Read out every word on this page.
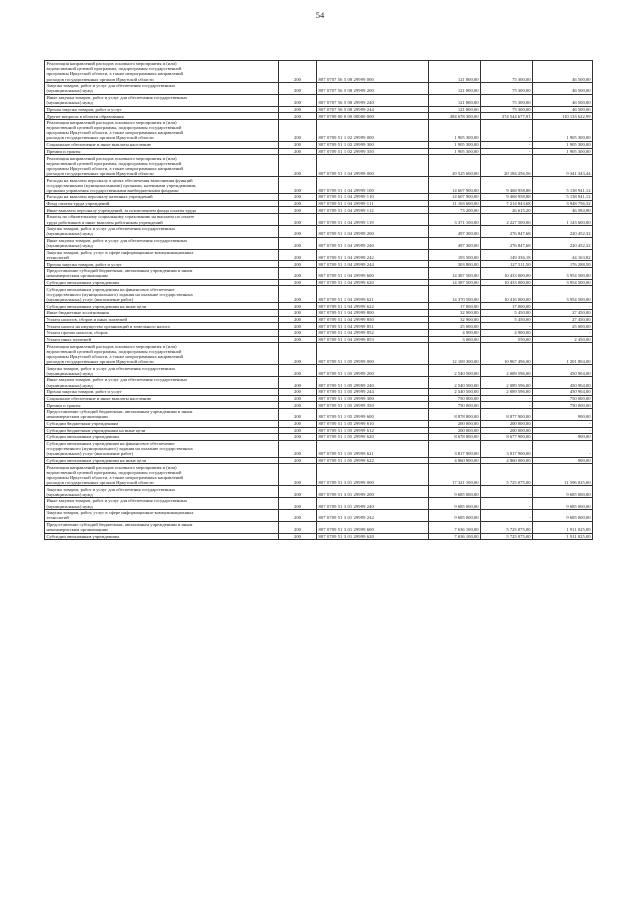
54
Реализация направлений расходов основного мероприятия и (или)
ведомственной целевой программы, подпрограммы государственной
программы Иркутской области, а также непрограммных направлений
расходов государственных органов Иркутской области	200	807 0707 56 5 08 29999 000	121 800,00	75 300,00	46 500,00
Закупка товаров, работ и услуг для обеспечения государственных
(муниципальных) нужд	200	807 0707 56 5 08 29999 200	121 800,00	75 300,00	46 500,00
Иные закупки товаров, работ и услуг для обеспечения государственных
(муниципальных) нужд	200	807 0707 56 5 08 29999 240	121 800,00	75 300,00	46 500,00
Прочая закупка товаров, работ и услуг	200	807 0707 56 5 08 29999 244	121 800,00	75 300,00	46 500,00
Другие вопросы в области образования	200	807 0709 00 0 00 00000 000	484 678 300,00	374 544 677,01	110 133 622,99
Реализация направлений расходов основного мероприятия и (или)
ведомственной целевой программы, подпрограммы государственной
программы Иркутской области, а также непрограммных направлений
расходов государственных органов Иркутской области	200	807 0709 51 1 02 29999 000	1 905 300,00	-	1 905 300,00
Социальное обеспечение и иные выплаты населению	200	807 0709 51 1 02 29999 300	1 905 300,00	-	1 905 300,00
Премии и гранты	200	807 0709 51 1 02 29999 350	1 905 300,00	-	1 905 300,00
Реализация направлений расходов основного мероприятия и (или)
ведомственной целевой программы, подпрограммы государственной
программы Иркутской области, а также непрограммных направлений
расходов государственных органов Иркутской области	200	807 0709 51 1 04 29999 000	29 525 600,00	20 184 256,56	9 341 343,44
Расходы на выплаты персоналу в целях обеспечения выполнения функций
государственными (муниципальными) органами, казенными учреждениями,
органами управления государственными внебюджетными фондами	200	807 0709 51 1 04 29999 100	14 607 900,00	9 468 958,88	5 138 941,12
Расходы на выплаты персоналу казенных учреждений	200	807 0709 51 1 04 29999 110	14 607 900,00	9 468 958,88	5 138 941,12
Фонд оплаты труда учреждений	200	807 0709 51 1 04 29999 111	11 163 600,00	7 214 843,68	3 948 756,32
Иные выплаты персоналу учреждений, за исключением фонда оплаты труда	200	807 0709 51 1 04 29999 112	73 200,00	26 615,20	46 584,80
Взносы по обязательному социальному страхованию на выплаты по оплате
труда работников и иные выплаты работникам учреждений	200	807 0709 51 1 04 29999 119	3 371 100,00	2 227 500,00	1 143 600,00
Закупка товаров, работ и услуг для обеспечения государственных
(муниципальных) нужд	200	807 0709 51 1 04 29999 200	497 300,00	276 847,68	220 452,32
Иные закупки товаров, работ и услуг для обеспечения государственных
(муниципальных) нужд	200	807 0709 51 1 04 29999 240	497 300,00	276 847,68	220 452,32
Закупка товаров, работ, услуг в сфере информационно-коммуникационных
технологий	200	807 0709 51 1 04 29999 242	193 500,00	149 336,18	44 163,82
Прочая закупка товаров, работ и услуг	200	807 0709 51 1 04 29999 244	303 800,00	127 511,50	176 288,50
Предоставление субсидий бюджетным, автономным учреждениям и иным
некоммерческим организациям	200	807 0709 51 1 04 29999 600	14 387 500,00	10 433 000,00	3 954 500,00
Субсидии автономным учреждениям	200	807 0709 51 1 04 29999 620	14 387 500,00	10 433 000,00	3 954 500,00
Субсидии автономным учреждениям на финансовое обеспечение
государственного (муниципального) задания на оказание государственных
(муниципальных) услуг (выполнение работ)	200	807 0709 51 1 04 29999 621	14 370 500,00	10 416 000,00	3 954 500,00
Субсидии автономным учреждениям на иные цели	200	807 0709 51 1 04 29999 622	17 000,00	17 000,00	-
Иные бюджетные ассигнования	200	807 0709 51 1 04 29999 800	32 900,00	5 450,00	27 450,00
Уплата налогов, сборов и иных платежей	200	807 0709 51 1 04 29999 850	32 900,00	5 450,00	27 450,00
Уплата налога на имущество организаций и земельного налога	200	807 0709 51 1 04 29999 851	25 000,00	-	25 000,00
Уплата прочих налогов, сборов	200	807 0709 51 1 04 29999 852	4 900,00	4 900,00	-
Уплата иных платежей	200	807 0709 51 1 04 29999 853	3 000,00	550,00	2 450,00
Реализация направлений расходов основного мероприятия и (или)
ведомственной целевой программы, подпрограммы государственной
программы Иркутской области, а также непрограммных направлений
расходов государственных органов Иркутской области	200	807 0709 51 1 05 29999 000	12 169 300,00	10 967 496,00	1 201 804,00
Закупка товаров, работ и услуг для обеспечения государственных
(муниципальных) нужд	200	807 0709 51 1 05 29999 200	2 540 500,00	2 089 596,00	450 904,00
Иные закупки товаров, работ и услуг для обеспечения государственных
(муниципальных) нужд	200	807 0709 51 1 05 29999 240	2 540 500,00	2 089 596,00	450 904,00
Прочая закупка товаров, работ и услуг	200	807 0709 51 1 05 29999 244	2 540 500,00	2 089 596,00	450 904,00
Социальное обеспечение и иные выплаты населению	200	807 0709 51 1 05 29999 300	750 000,00	-	750 000,00
Премии и гранты	200	807 0709 51 1 05 29999 350	750 000,00	-	750 000,00
Предоставление субсидий бюджетным, автономным учреждениям и иным
некоммерческим организациям	200	807 0709 51 1 05 29999 600	8 878 800,00	8 877 900,00	900,00
Субсидии бюджетным учреждениям	200	807 0709 51 1 05 29999 610	200 000,00	200 000,00	-
Субсидии бюджетным учреждениям на иные цели	200	807 0709 51 1 05 29999 612	200 000,00	200 000,00	-
Субсидии автономным учреждениям	200	807 0709 51 1 05 29999 620	8 678 800,00	8 677 900,00	900,00
Субсидии автономным учреждениям на финансовое обеспечение
государственного (муниципального) задания на оказание государственных
(муниципальных) услуг (выполнение работ)	200	807 0709 51 1 05 29999 621	3 817 900,00	3 817 900,00	-
Субсидии автономным учреждениям на иные цели	200	807 0709 51 1 05 29999 622	4 860 900,00	4 860 000,00	900,00
Реализация направлений расходов основного мероприятия и (или)
ведомственной целевой программы, подпрограммы государственной
программы Иркутской области, а также непрограммных направлений
расходов государственных органов Иркутской области	200	807 0709 51 3 01 29999 000	17 321 100,00	5 725 075,00	11 596 025,00
Закупка товаров, работ и услуг для обеспечения государственных
(муниципальных) нужд	200	807 0709 51 3 01 29999 200	9 685 000,00	-	9 685 000,00
Иные закупки товаров, работ и услуг для обеспечения государственных
(муниципальных) нужд	200	807 0709 51 3 01 29999 240	9 685 000,00	-	9 685 000,00
Закупка товаров, работ, услуг в сфере информационно-коммуникационных
технологий	200	807 0709 51 3 01 29999 242	9 685 000,00	-	9 685 000,00
Предоставление субсидий бюджетным, автономным учреждениям и иным
некоммерческим организациям	200	807 0709 51 3 01 29999 600	7 636 100,00	5 725 075,00	1 911 025,00
Субсидии автономным учреждениям	200	807 0709 51 3 01 29999 620	7 636 100,00	5 725 075,00	1 911 025,00
